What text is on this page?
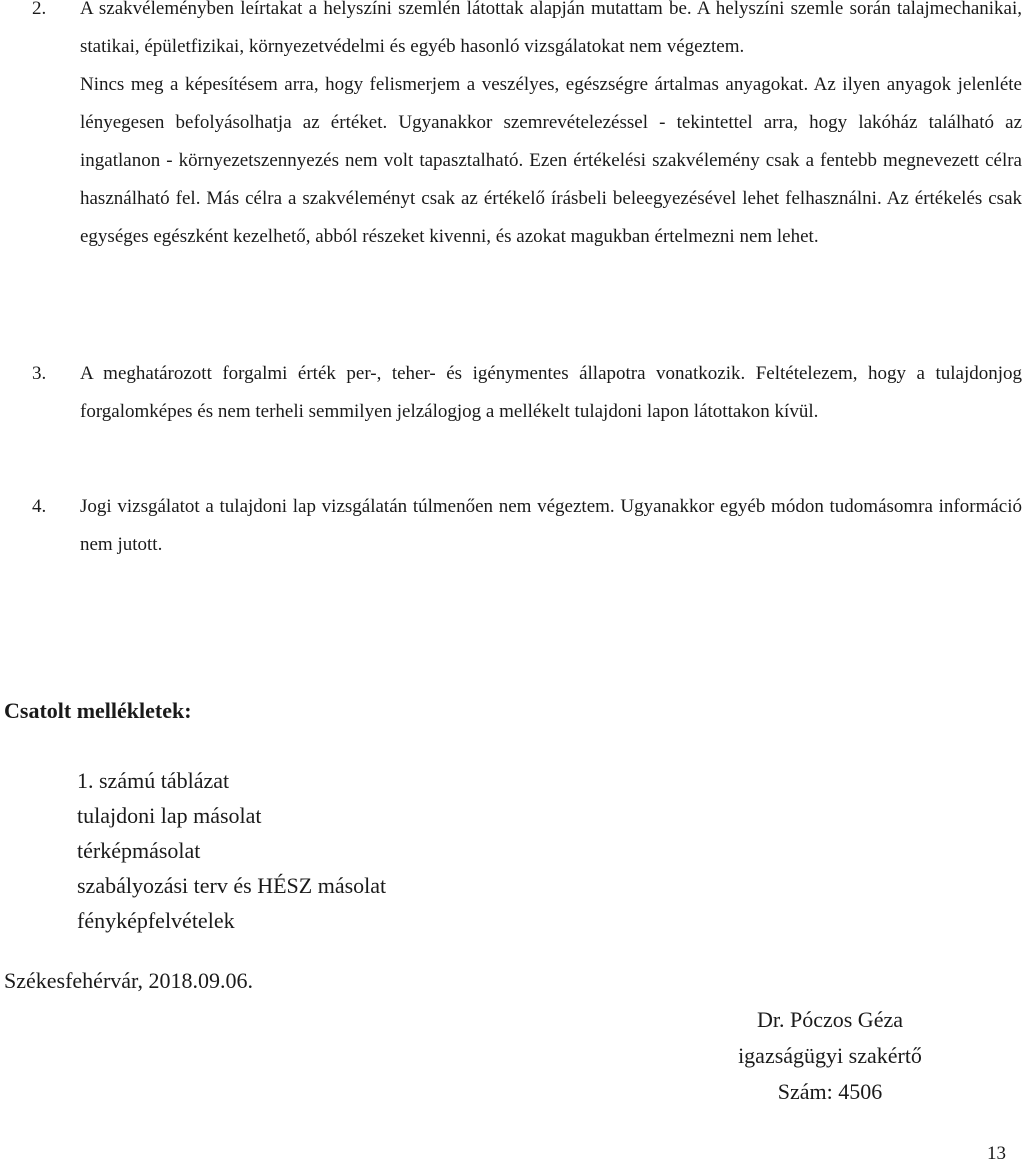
2. A szakvéleményben leírtakat a helyszíni szemlén látottak alapján mutattam be. A helyszíni szemle során talajmechanikai, statikai, épületfizikai, környezetvédelmi és egyéb hasonló vizsgálatokat nem végeztem.

Nincs meg a képesítésem arra, hogy felismerjem a veszélyes, egészségre ártalmas anyagokat. Az ilyen anyagok jelenléte lényegesen befolyásolhatja az értéket. Ugyanakkor szemrevételezéssel - tekintettel arra, hogy lakóház található az ingatlanon - környezetszennyezés nem volt tapasztalható. Ezen értékelési szakvélemény csak a fentebb megnevezett célra használható fel. Más célra a szakvéleményt csak az értékelő írásbeli beleegyezésével lehet felhasználni. Az értékelés csak egységes egészként kezelhető, abból részeket kivenni, és azokat magukban értelmezni nem lehet.

3. A meghatározott forgalmi érték per-, teher- és igénymentes állapotra vonatkozik. Feltételezem, hogy a tulajdonjog forgalomképes és nem terheli semmilyen jelzálogjog a mellékelt tulajdoni lapon látottakon kívül.

4. Jogi vizsgálatot a tulajdoni lap vizsgálatán túlmenően nem végeztem. Ugyanakkor egyéb módon tudomásomra információ nem jutott.

Csatolt mellékletek:
1. számú táblázat
tulajdoni lap másolat
térképmásolat
szabályozási terv és HÉSZ másolat
fényképfelvételek

Székesfehérvár, 2018.09.06.

Dr. Póczos Géza
igazságügyi szakértő
Szám: 4506
13
